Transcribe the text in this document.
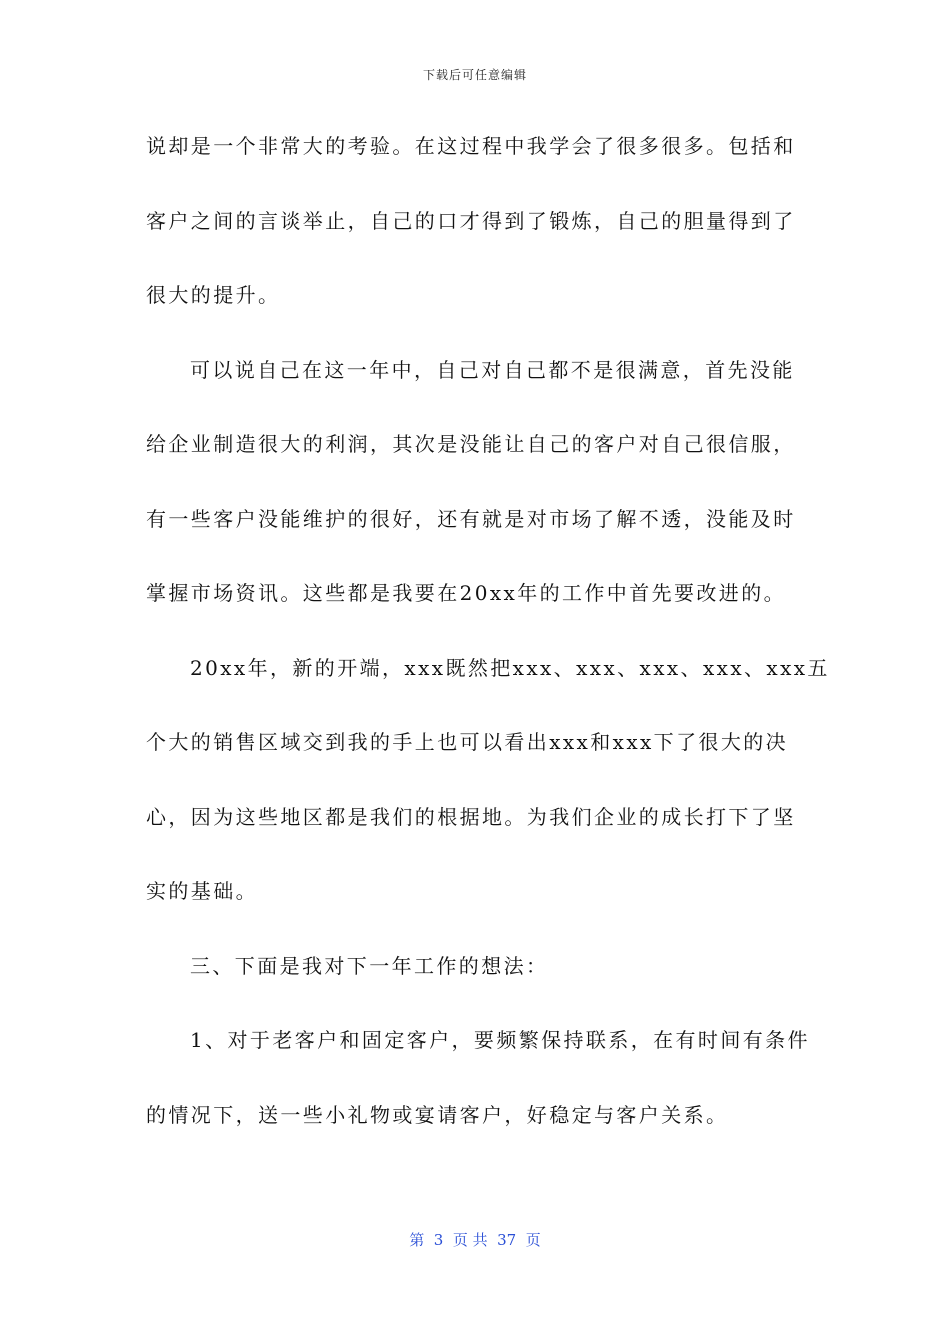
下载后可任意编辑
说却是一个非常大的考验。在这过程中我学会了很多很多。包括和
客户之间的言谈举止，自己的口才得到了锻炼，自己的胆量得到了
很大的提升。
可以说自己在这一年中，自己对自己都不是很满意，首先没能
给企业制造很大的利润，其次是没能让自己的客户对自己很信服，
有一些客户没能维护的很好，还有就是对市场了解不透，没能及时
掌握市场资讯。这些都是我要在20xx年的工作中首先要改进的。
20xx年，新的开端，xxx既然把xxx、xxx、xxx、xxx、xxx五
个大的销售区域交到我的手上也可以看出xxx和xxx下了很大的决
心，因为这些地区都是我们的根据地。为我们企业的成长打下了坚
实的基础。
三、下面是我对下一年工作的想法：
1、对于老客户和固定客户，要频繁保持联系，在有时间有条件
的情况下，送一些小礼物或宴请客户，好稳定与客户关系。
第  3  页 共  37  页
